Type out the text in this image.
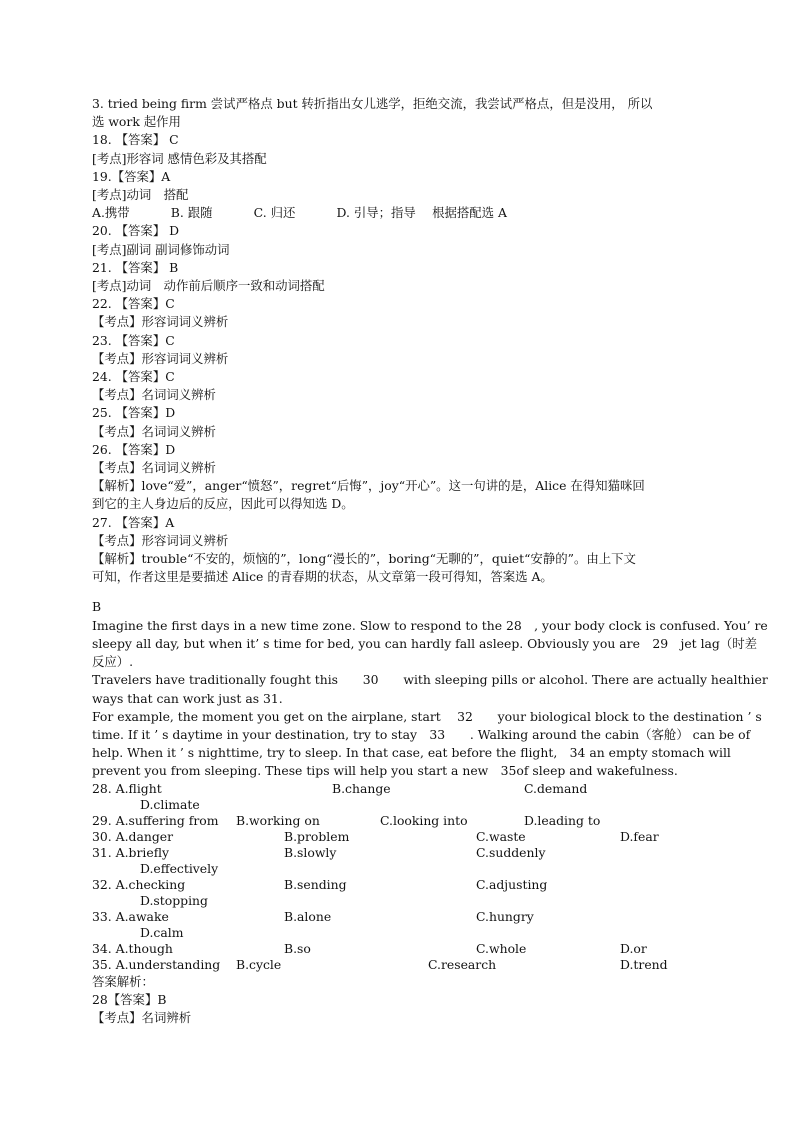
3. tried being firm 尝试严格点 but 转折指出女儿逃学，拒绝交流，我尝试严格点，但是没用， 所以
选 work 起作用
18. 【答案】 C
[考点]形容词 感情色彩及其搭配
19.【答案】A
[考点]动词　搭配
A.携带　　　 B. 跟随　　　 C. 归还　　　 D. 引导；指导　 根据搭配选 A
20. 【答案】 D
[考点]副词 副词修饰动词
21. 【答案】 B
[考点]动词　动作前后顺序一致和动词搭配
22. 【答案】C
【考点】形容词词义辨析
23. 【答案】C
【考点】形容词词义辨析
24. 【答案】C
【考点】名词词义辨析
25. 【答案】D
【考点】名词词义辨析
26. 【答案】D
【考点】名词词义辨析
【解析】love“爱”，anger“愤怒”，regret“后悔”，joy“开心”。这一句讲的是，Alice 在得知猫咪回
到它的主人身边后的反应，因此可以得知选 D。
27. 【答案】A
【考点】形容词词义辨析
【解析】trouble“不安的，烦恼的”，long“漫长的”，boring“无聊的”，quiet“安静的”。由上下文
可知，作者这里是要描述 Alice 的青春期的状态，从文章第一段可得知，答案选 A。
B
Imagine the first days in a new time zone. Slow to respond to the 28　, your body clock is confused. You’ re
sleepy all day, but when it’ s time for bed, you can hardly fall asleep. Obviously you are　29　jet lag（时差
反应）.
Travelers have traditionally fought this　　30　　with sleeping pills or alcohol. There are actually healthier
ways that can work just as 31.
For example, the moment you get on the airplane, start　 32　　your biological block to the destination ’ s
time. If it ’ s daytime in your destination, try to stay　33　　. Walking around the cabin（客舱） can be of
help. When it ’ s nighttime, try to sleep. In that case, eat before the flight,　34 an empty stomach will
prevent you from sleeping. These tips will help you start a new　35of sleep and wakefulness.
28. A.flight	B.change	C.demand
D.climate
29. A.suffering from B.working on	C.looking into	D.leading to
30. A.danger	B.problem	C.waste	D.fear
31. A.briefly	B.slowly	C.suddenly
D.effectively
32. A.checking	B.sending	C.adjusting
D.stopping
33. A.awake	B.alone	C.hungry
D.calm
34. A.though	B.so	C.whole	D.or
35. A.understanding B.cycle	C.research	D.trend
答案解析：
28【答案】B
【考点】名词辨析
